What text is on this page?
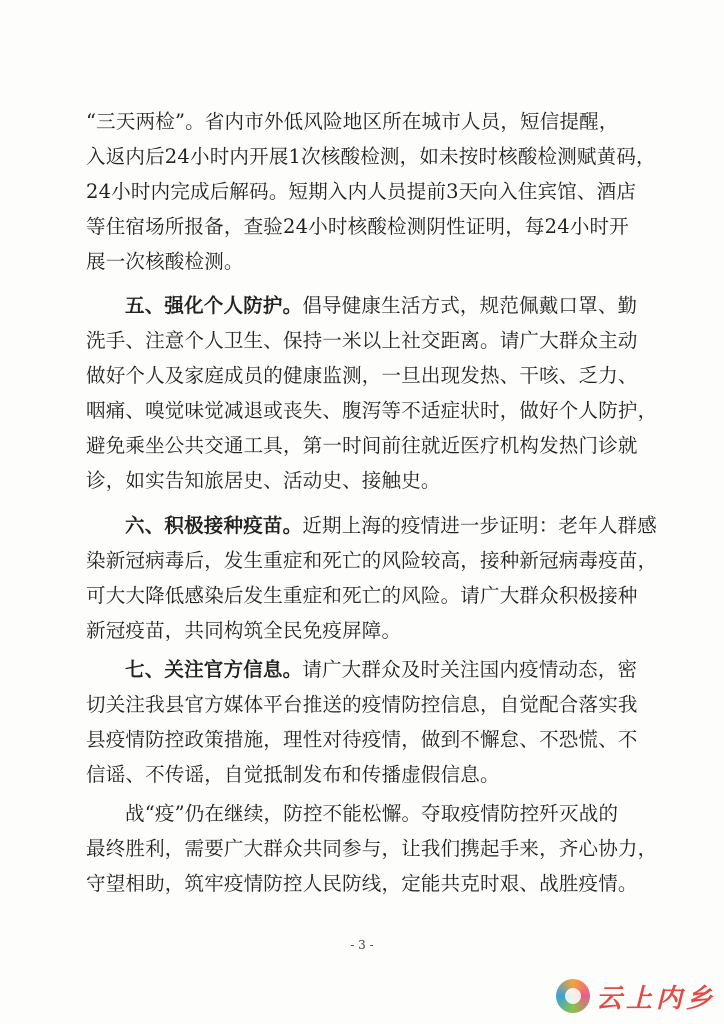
“三天两检”。省内市外低风险地区所在城市人员，短信提醒，
入返内后24小时内开展1次核酸检测，如未按时核酸检测赋黄码，
24小时内完成后解码。短期入内人员提前3天向入住宾馆、酒店
等住宿场所报备，查验24小时核酸检测阴性证明，每24小时开
展一次核酸检测。

五、强化个人防护。倡导健康生活方式，规范佩戴口罩、勤
洗手、注意个人卫生、保持一米以上社交距离。请广大群众主动
做好个人及家庭成员的健康监测，一旦出现发热、干咳、乏力、
咽痛、嗅觉味觉减退或丧失、腹泻等不适症状时，做好个人防护，
避免乘坐公共交通工具，第一时间前往就近医疗机构发热门诊就
诊，如实告知旅居史、活动史、接触史。

六、积极接种疫苗。近期上海的疫情进一步证明：老年人群感
染新冠病毒后，发生重症和死亡的风险较高，接种新冠病毒疫苗，
可大大降低感染后发生重症和死亡的风险。请广大群众积极接种
新冠疫苗，共同构筑全民免疫屏障。

七、关注官方信息。请广大群众及时关注国内疫情动态，密
切关注我县官方媒体平台推送的疫情防控信息，自觉配合落实我
县疫情防控政策措施，理性对待疫情，做到不懈怠、不恐慌、不
信谣、不传谣，自觉抵制发布和传播虚假信息。

战“疫”仍在继续，防控不能松懈。夺取疫情防控歼灭战的
最终胜利，需要广大群众共同参与，让我们携起手来，齐心协力，
守望相助，筑牢疫情防控人民防线，定能共克时艰、战胜疫情。

- 3 -
云上内乡
